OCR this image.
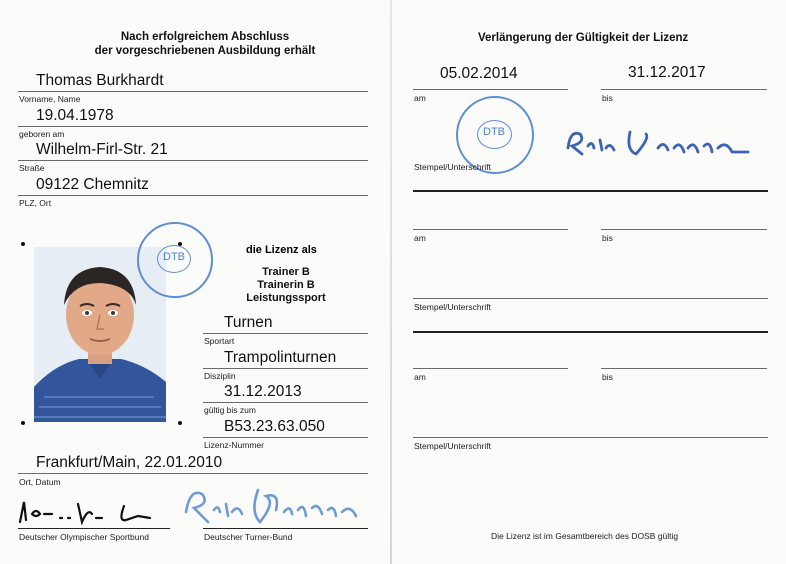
Nach erfolgreichem Abschluss
der vorgeschriebenen Ausbildung erhält
Thomas Burkhardt
Vorname, Name
19.04.1978
geboren am
Wilhelm-Firl-Str. 21
Straße
09122 Chemnitz
PLZ, Ort
DTB
die Lizenz als
Trainer B
Trainerin B
Leistungssport
Turnen
Sportart
Trampolinturnen
Disziplin
31.12.2013
gültig bis zum
B53.23.63.050
Lizenz-Nummer
Frankfurt/Main, 22.01.2010
Ort, Datum
Deutscher Olympischer Sportbund	Deutscher Turner-Bund
Verlängerung der Gültigkeit der Lizenz
05.02.2014	31.12.2017
am	bis
DTB
Stempel/Unterschrift
am	bis
Stempel/Unterschrift
am	bis
Stempel/Unterschrift
Die Lizenz ist im Gesamtbereich des DOSB gültig
